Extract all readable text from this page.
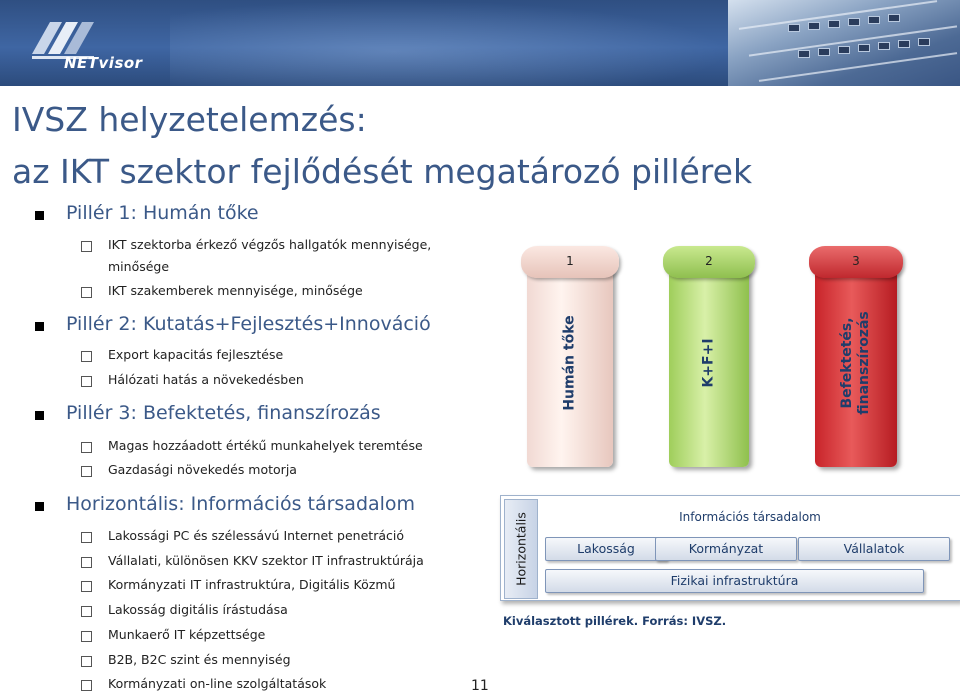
NETvisor
IVSZ helyzetelemzés:
az IKT szektor fejlődését megatározó pillérek
Pillér 1: Humán tőke
IKT szektorba érkező végzős hallgatók mennyisége,
minősége
IKT szakemberek mennyisége, minősége
Pillér 2: Kutatás+Fejlesztés+Innováció
Export kapacitás fejlesztése
Hálózati hatás a növekedésben
Pillér 3: Befektetés, finanszírozás
Magas hozzáadott értékű munkahelyek teremtése
Gazdasági növekedés motorja
Horizontális: Információs társadalom
Lakossági PC és szélessávú Internet penetráció
Vállalati, különösen KKV szektor IT infrastruktúrája
Kormányzati IT infrastruktúra, Digitális Közmű
Lakosság digitális írástudása
Munkaerő IT képzettsége
B2B, B2C szint és mennyiség
Kormányzati on-line szolgáltatások	11
1
Humán tőke
2
K+F+I
3
Befektetés, finanszírozás
Horizontális	Információs társadalom
Lakosság	Kormányzat	Vállalatok
Fizikai infrastruktúra
Kiválasztott pillérek. Forrás: IVSZ.
